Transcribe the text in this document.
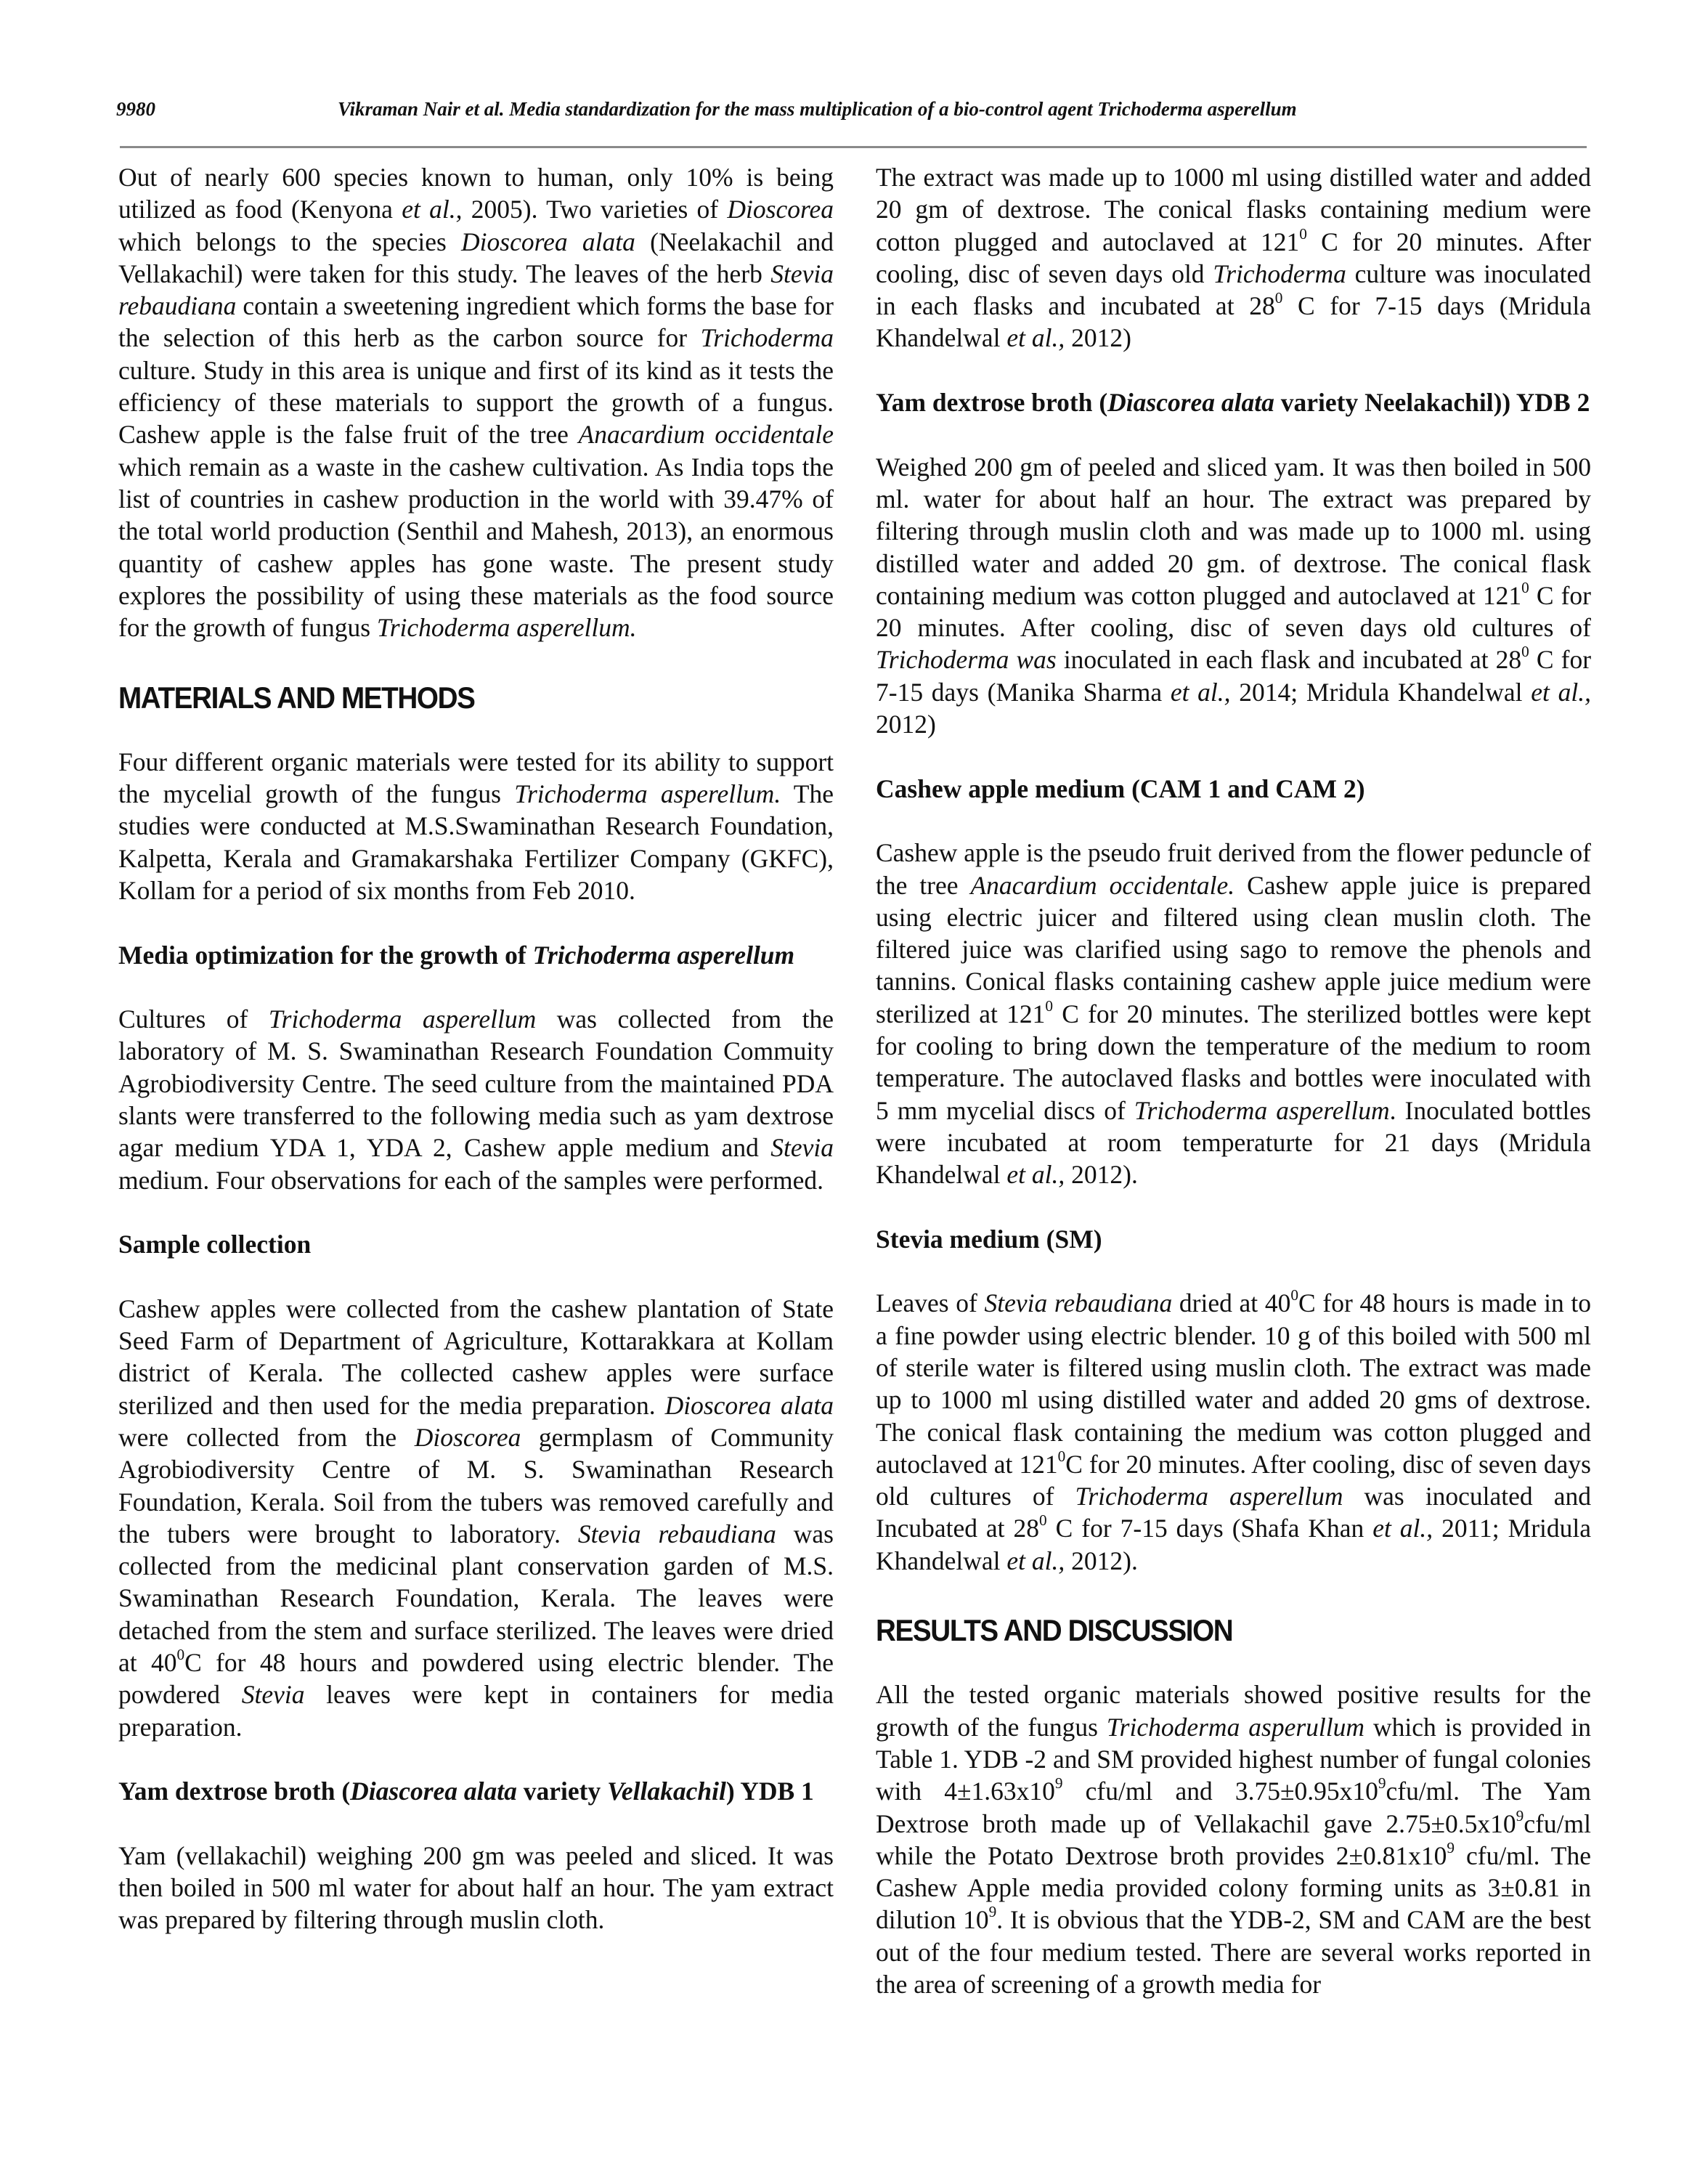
9980	Vikraman Nair et al. Media standardization for the mass multiplication of a bio-control agent Trichoderma asperellum

Out of nearly 600 species known to human, only 10% is being utilized as food (Kenyona et al., 2005). Two varieties of Dioscorea which belongs to the species Dioscorea alata (Neelakachil and Vellakachil) were taken for this study. The leaves of the herb Stevia rebaudiana contain a sweetening ingredient which forms the base for the selection of this herb as the carbon source for Trichoderma culture. Study in this area is unique and first of its kind as it tests the efficiency of these materials to support the growth of a fungus. Cashew apple is the false fruit of the tree Anacardium occidentale which remain as a waste in the cashew cultivation. As India tops the list of countries in cashew production in the world with 39.47% of the total world production (Senthil and Mahesh, 2013), an enormous quantity of cashew apples has gone waste. The present study explores the possibility of using these materials as the food source for the growth of fungus Trichoderma asperellum.

MATERIALS AND METHODS

Four different organic materials were tested for its ability to support the mycelial growth of the fungus Trichoderma asperellum. The studies were conducted at M.S.Swaminathan Research Foundation, Kalpetta, Kerala and Gramakarshaka Fertilizer Company (GKFC), Kollam for a period of six months from Feb 2010.

Media optimization for the growth of Trichoderma asperellum

Cultures of Trichoderma asperellum was collected from the laboratory of M. S. Swaminathan Research Foundation Commuity Agrobiodiversity Centre. The seed culture from the maintained PDA slants were transferred to the following media such as yam dextrose agar medium YDA 1, YDA 2, Cashew apple medium and Stevia medium. Four observations for each of the samples were performed.

Sample collection

Cashew apples were collected from the cashew plantation of State Seed Farm of Department of Agriculture, Kottarakkara at Kollam district of Kerala. The collected cashew apples were surface sterilized and then used for the media preparation. Dioscorea alata were collected from the Dioscorea germplasm of Community Agrobiodiversity Centre of M. S. Swaminathan Research Foundation, Kerala. Soil from the tubers was removed carefully and the tubers were brought to laboratory. Stevia rebaudiana was collected from the medicinal plant conservation garden of M.S. Swaminathan Research Foundation, Kerala. The leaves were detached from the stem and surface sterilized. The leaves were dried at $40^0C$ for 48 hours and powdered using electric blender. The powdered Stevia leaves were kept in containers for media preparation.

Yam dextrose broth (Diascorea alata variety Vellakachil) YDB 1

Yam (vellakachil) weighing 200 gm was peeled and sliced. It was then boiled in 500 ml water for about half an hour. The yam extract was prepared by filtering through muslin cloth.

The extract was made up to 1000 ml using distilled water and added 20 gm of dextrose. The conical flasks containing medium were cotton plugged and autoclaved at $121^0$ C for 20 minutes. After cooling, disc of seven days old Trichoderma culture was inoculated in each flasks and incubated at $28^0$ C for 7-15 days (Mridula Khandelwal et al., 2012)

Yam dextrose broth (Diascorea alata variety Neelakachil)) YDB 2

Weighed 200 gm of peeled and sliced yam. It was then boiled in 500 ml. water for about half an hour. The extract was prepared by filtering through muslin cloth and was made up to 1000 ml. using distilled water and added 20 gm. of dextrose. The conical flask containing medium was cotton plugged and autoclaved at $121^0$ C for 20 minutes. After cooling, disc of seven days old cultures of Trichoderma was inoculated in each flask and incubated at $28^0$ C for 7-15 days (Manika Sharma et al., 2014; Mridula Khandelwal et al., 2012)

Cashew apple medium (CAM 1 and CAM 2)

Cashew apple is the pseudo fruit derived from the flower peduncle of the tree Anacardium occidentale. Cashew apple juice is prepared using electric juicer and filtered using clean muslin cloth. The filtered juice was clarified using sago to remove the phenols and tannins. Conical flasks containing cashew apple juice medium were sterilized at $121^0$ C for 20 minutes. The sterilized bottles were kept for cooling to bring down the temperature of the medium to room temperature. The autoclaved flasks and bottles were inoculated with 5 mm mycelial discs of Trichoderma asperellum. Inoculated bottles were incubated at room temperaturte for 21 days (Mridula Khandelwal et al., 2012).

Stevia medium (SM)

Leaves of Stevia rebaudiana dried at $40^0C$ for 48 hours is made in to a fine powder using electric blender. 10 g of this boiled with 500 ml of sterile water is filtered using muslin cloth. The extract was made up to 1000 ml using distilled water and added 20 gms of dextrose. The conical flask containing the medium was cotton plugged and autoclaved at $121^0C$ for 20 minutes. After cooling, disc of seven days old cultures of Trichoderma asperellum was inoculated and Incubated at $28^0$ C for 7-15 days (Shafa Khan et al., 2011; Mridula Khandelwal et al., 2012).

RESULTS AND DISCUSSION

All the tested organic materials showed positive results for the growth of the fungus Trichoderma asperullum which is provided in Table 1. YDB -2 and SM provided highest number of fungal colonies with $4\pm 1.63x10^9$ cfu/ml and $3.75\pm 0.95x10^9cfu/ml$. The Yam Dextrose broth made up of Vellakachil gave $2.75\pm 0.5x10^9cfu/ml$ while the Potato Dextrose broth provides $2\pm 0.81x10^9$ cfu/ml. The Cashew Apple media provided colony forming units as 3±0.81 in dilution $10^9$. It is obvious that the YDB-2, SM and CAM are the best out of the four medium tested. There are several works reported in the area of screening of a growth media for
